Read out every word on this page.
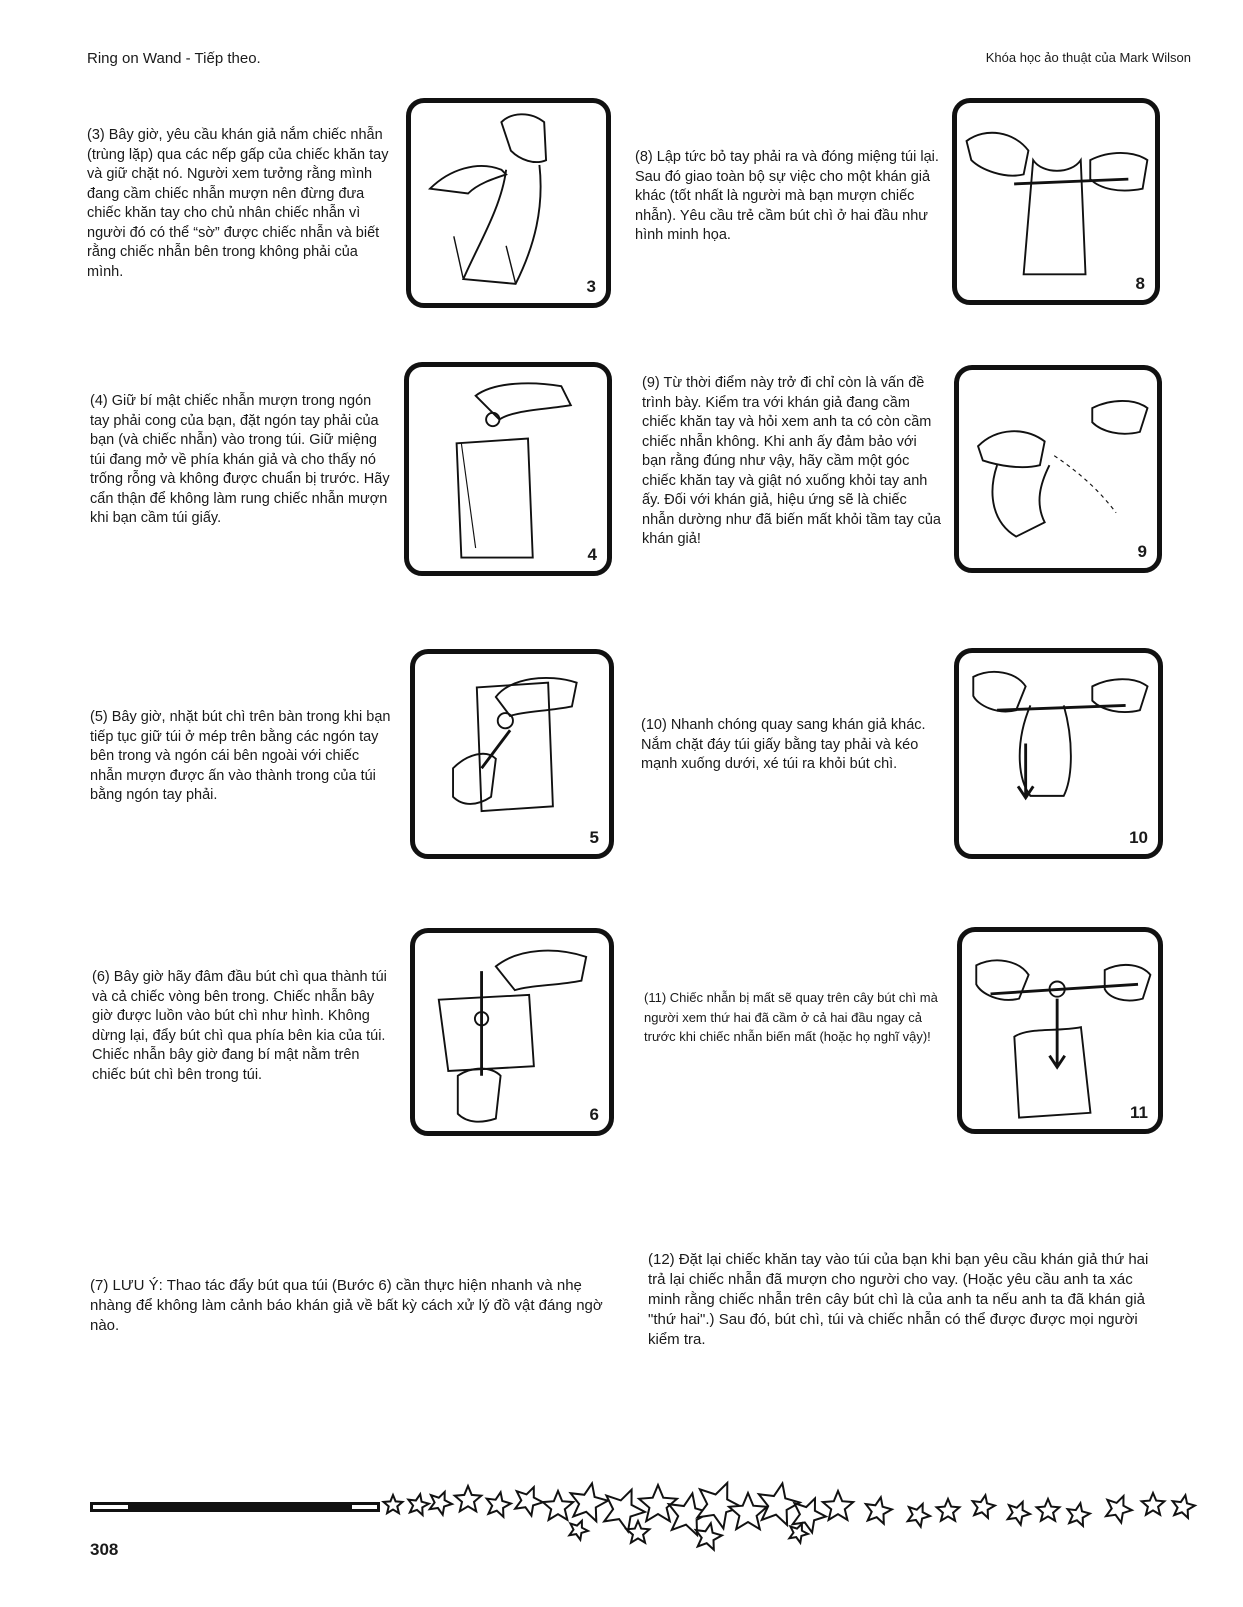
Ring on Wand - Tiếp theo.	Khóa học ảo thuật của Mark Wilson
(3) Bây giờ, yêu cầu khán giả nắm chiếc nhẫn (trùng lặp) qua các nếp gấp của chiếc khăn tay và giữ chặt nó. Người xem tưởng rằng mình đang cầm chiếc nhẫn mượn nên đừng đưa chiếc khăn tay cho chủ nhân chiếc nhẫn vì người đó có thể “sờ” được chiếc nhẫn và biết rằng chiếc nhẫn bên trong không phải của mình.
3
(8) Lập tức bỏ tay phải ra và đóng miệng túi lại. Sau đó giao toàn bộ sự việc cho một khán giả khác (tốt nhất là người mà bạn mượn chiếc nhẫn). Yêu cầu trẻ cầm bút chì ở hai đầu như hình minh họa.
8
(4) Giữ bí mật chiếc nhẫn mượn trong ngón tay phải cong của bạn, đặt ngón tay phải của bạn (và chiếc nhẫn) vào trong túi. Giữ miệng túi đang mở về phía khán giả và cho thấy nó trống rỗng và không được chuẩn bị trước. Hãy cẩn thận để không làm rung chiếc nhẫn mượn khi bạn cầm túi giấy.
4
(9) Từ thời điểm này trở đi chỉ còn là vấn đề trình bày. Kiểm tra với khán giả đang cầm chiếc khăn tay và hỏi xem anh ta có còn cầm chiếc nhẫn không. Khi anh ấy đảm bảo với bạn rằng đúng như vậy, hãy cầm một góc chiếc khăn tay và giật nó xuống khỏi tay anh ấy. Đối với khán giả, hiệu ứng sẽ là chiếc nhẫn dường như đã biến mất khỏi tầm tay của khán giả!
9
(5) Bây giờ, nhặt bút chì trên bàn trong khi bạn tiếp tục giữ túi ở mép trên bằng các ngón tay bên trong và ngón cái bên ngoài với chiếc nhẫn mượn được ấn vào thành trong của túi bằng ngón tay phải.
5
(10) Nhanh chóng quay sang khán giả khác. Nắm chặt đáy túi giấy bằng tay phải và kéo mạnh xuống dưới, xé túi ra khỏi bút chì.
10
(6) Bây giờ hãy đâm đầu bút chì qua thành túi và cả chiếc vòng bên trong. Chiếc nhẫn bây giờ được luồn vào bút chì như hình. Không dừng lại, đẩy bút chì qua phía bên kia của túi. Chiếc nhẫn bây giờ đang bí mật nằm trên chiếc bút chì bên trong túi.
6
(11) Chiếc nhẫn bị mất sẽ quay trên cây bút chì mà người xem thứ hai đã cầm ở cả hai đầu ngay cả trước khi chiếc nhẫn biến mất (hoặc họ nghĩ vậy)!
11
(7) LƯU Ý: Thao tác đẩy bút qua túi (Bước 6) cần thực hiện nhanh và nhẹ nhàng để không làm cảnh báo khán giả về bất kỳ cách xử lý đồ vật đáng ngờ nào.
(12) Đặt lại chiếc khăn tay vào túi của bạn khi bạn yêu cầu khán giả thứ hai trả lại chiếc nhẫn đã mượn cho người cho vay. (Hoặc yêu cầu anh ta xác minh rằng chiếc nhẫn trên cây bút chì là của anh ta nếu anh ta đã khán giả "thứ hai".) Sau đó, bút chì, túi và chiếc nhẫn có thể được được mọi người kiểm tra.
308
